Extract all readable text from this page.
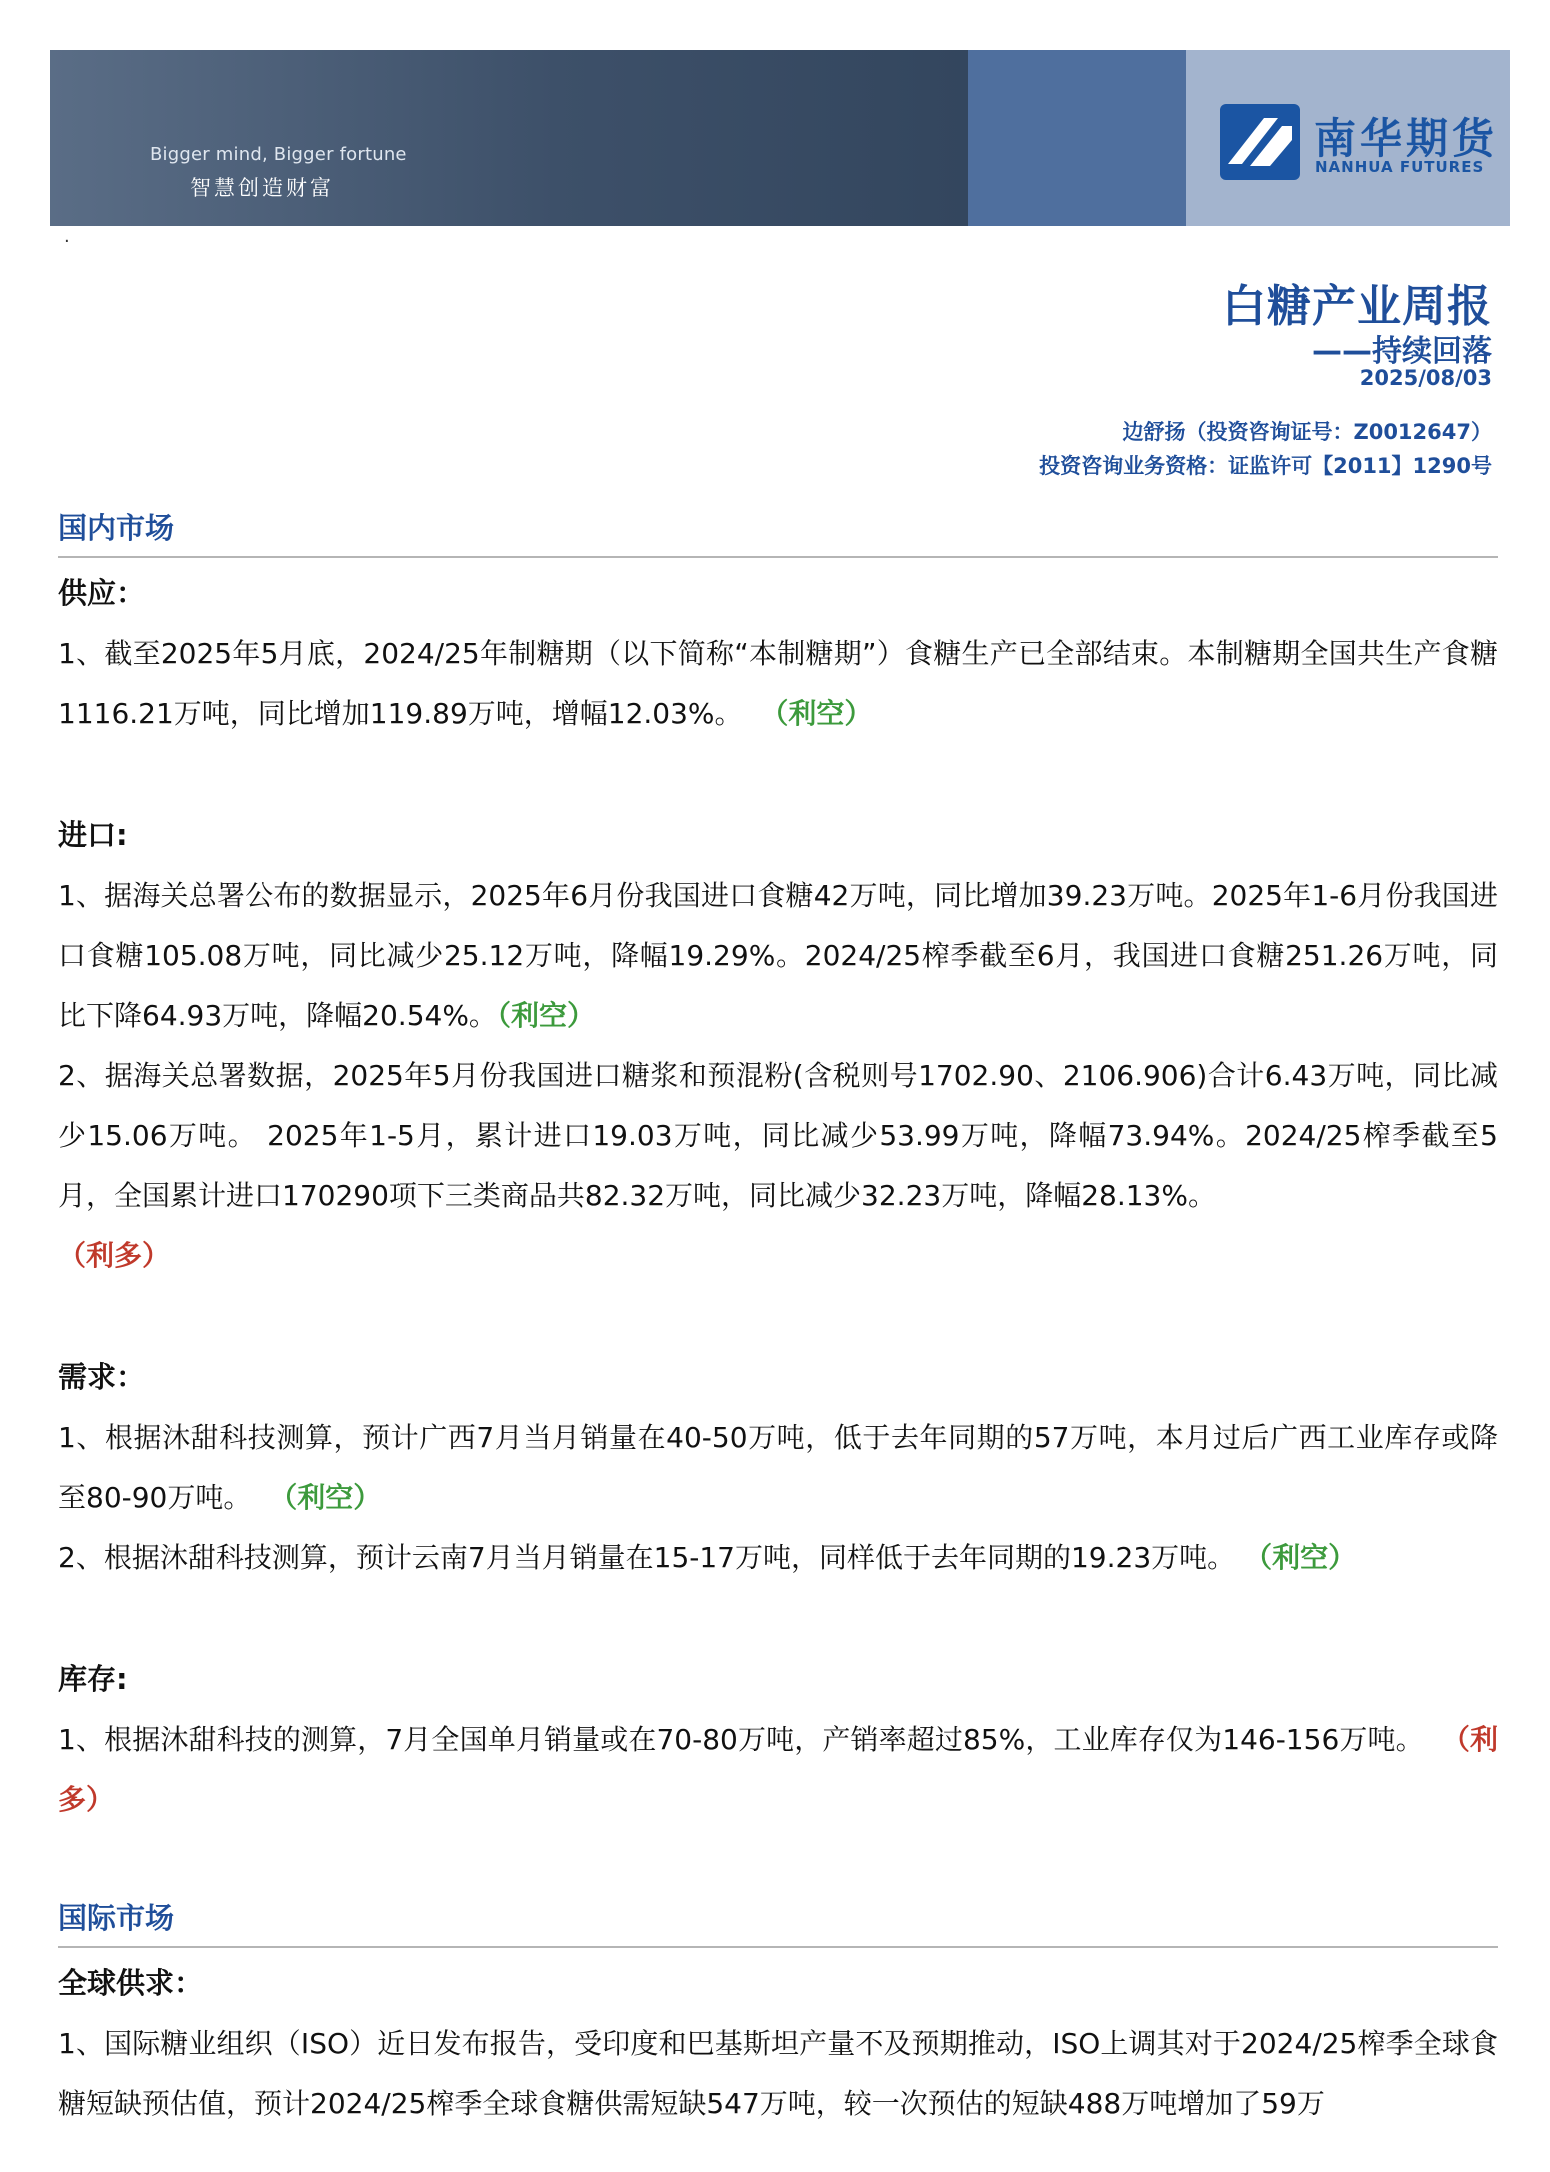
Bigger mind, Bigger fortune
智慧创造财富
南华期货
NANHUA FUTURES
.
白糖产业周报
——持续回落
2025/08/03
边舒扬（投资咨询证号：Z0012647）
投资咨询业务资格：证监许可【2011】1290号
国内市场
供应：

1、截至2025年5月底，2024/25年制糖期（以下简称“本制糖期”）食糖生产已全部结束。本制糖期全国共生产食糖1116.21万吨，同比增加119.89万吨，增幅12.03%。 （利空）

进口:

1、据海关总署公布的数据显示，2025年6月份我国进口食糖42万吨，同比增加39.23万吨。2025年1-6月份我国进口食糖105.08万吨，同比减少25.12万吨，降幅19.29%。2024/25榨季截至6月，我国进口食糖251.26万吨，同比下降64.93万吨，降幅20.54%。（利空）

2、据海关总署数据，2025年5月份我国进口糖浆和预混粉(含税则号1702.90、2106.906)合计6.43万吨，同比减少15.06万吨。 2025年1-5月，累计进口19.03万吨，同比减少53.99万吨，降幅73.94%。2024/25榨季截至5月，全国累计进口170290项下三类商品共82.32万吨，同比减少32.23万吨，降幅28.13%。
（利多）

需求：

1、根据沐甜科技测算，预计广西7月当月销量在40-50万吨，低于去年同期的57万吨，本月过后广西工业库存或降至80-90万吨。 （利空）

2、根据沐甜科技测算，预计云南7月当月销量在15-17万吨，同样低于去年同期的19.23万吨。 （利空）

库存:

1、根据沐甜科技的测算，7月全国单月销量或在70-80万吨，产销率超过85%，工业库存仅为146-156万吨。 （利多）

国际市场
全球供求：

1、国际糖业组织（ISO）近日发布报告，受印度和巴基斯坦产量不及预期推动，ISO上调其对于2024/25榨季全球食糖短缺预估值，预计2024/25榨季全球食糖供需短缺547万吨，较一次预估的短缺488万吨增加了59万
